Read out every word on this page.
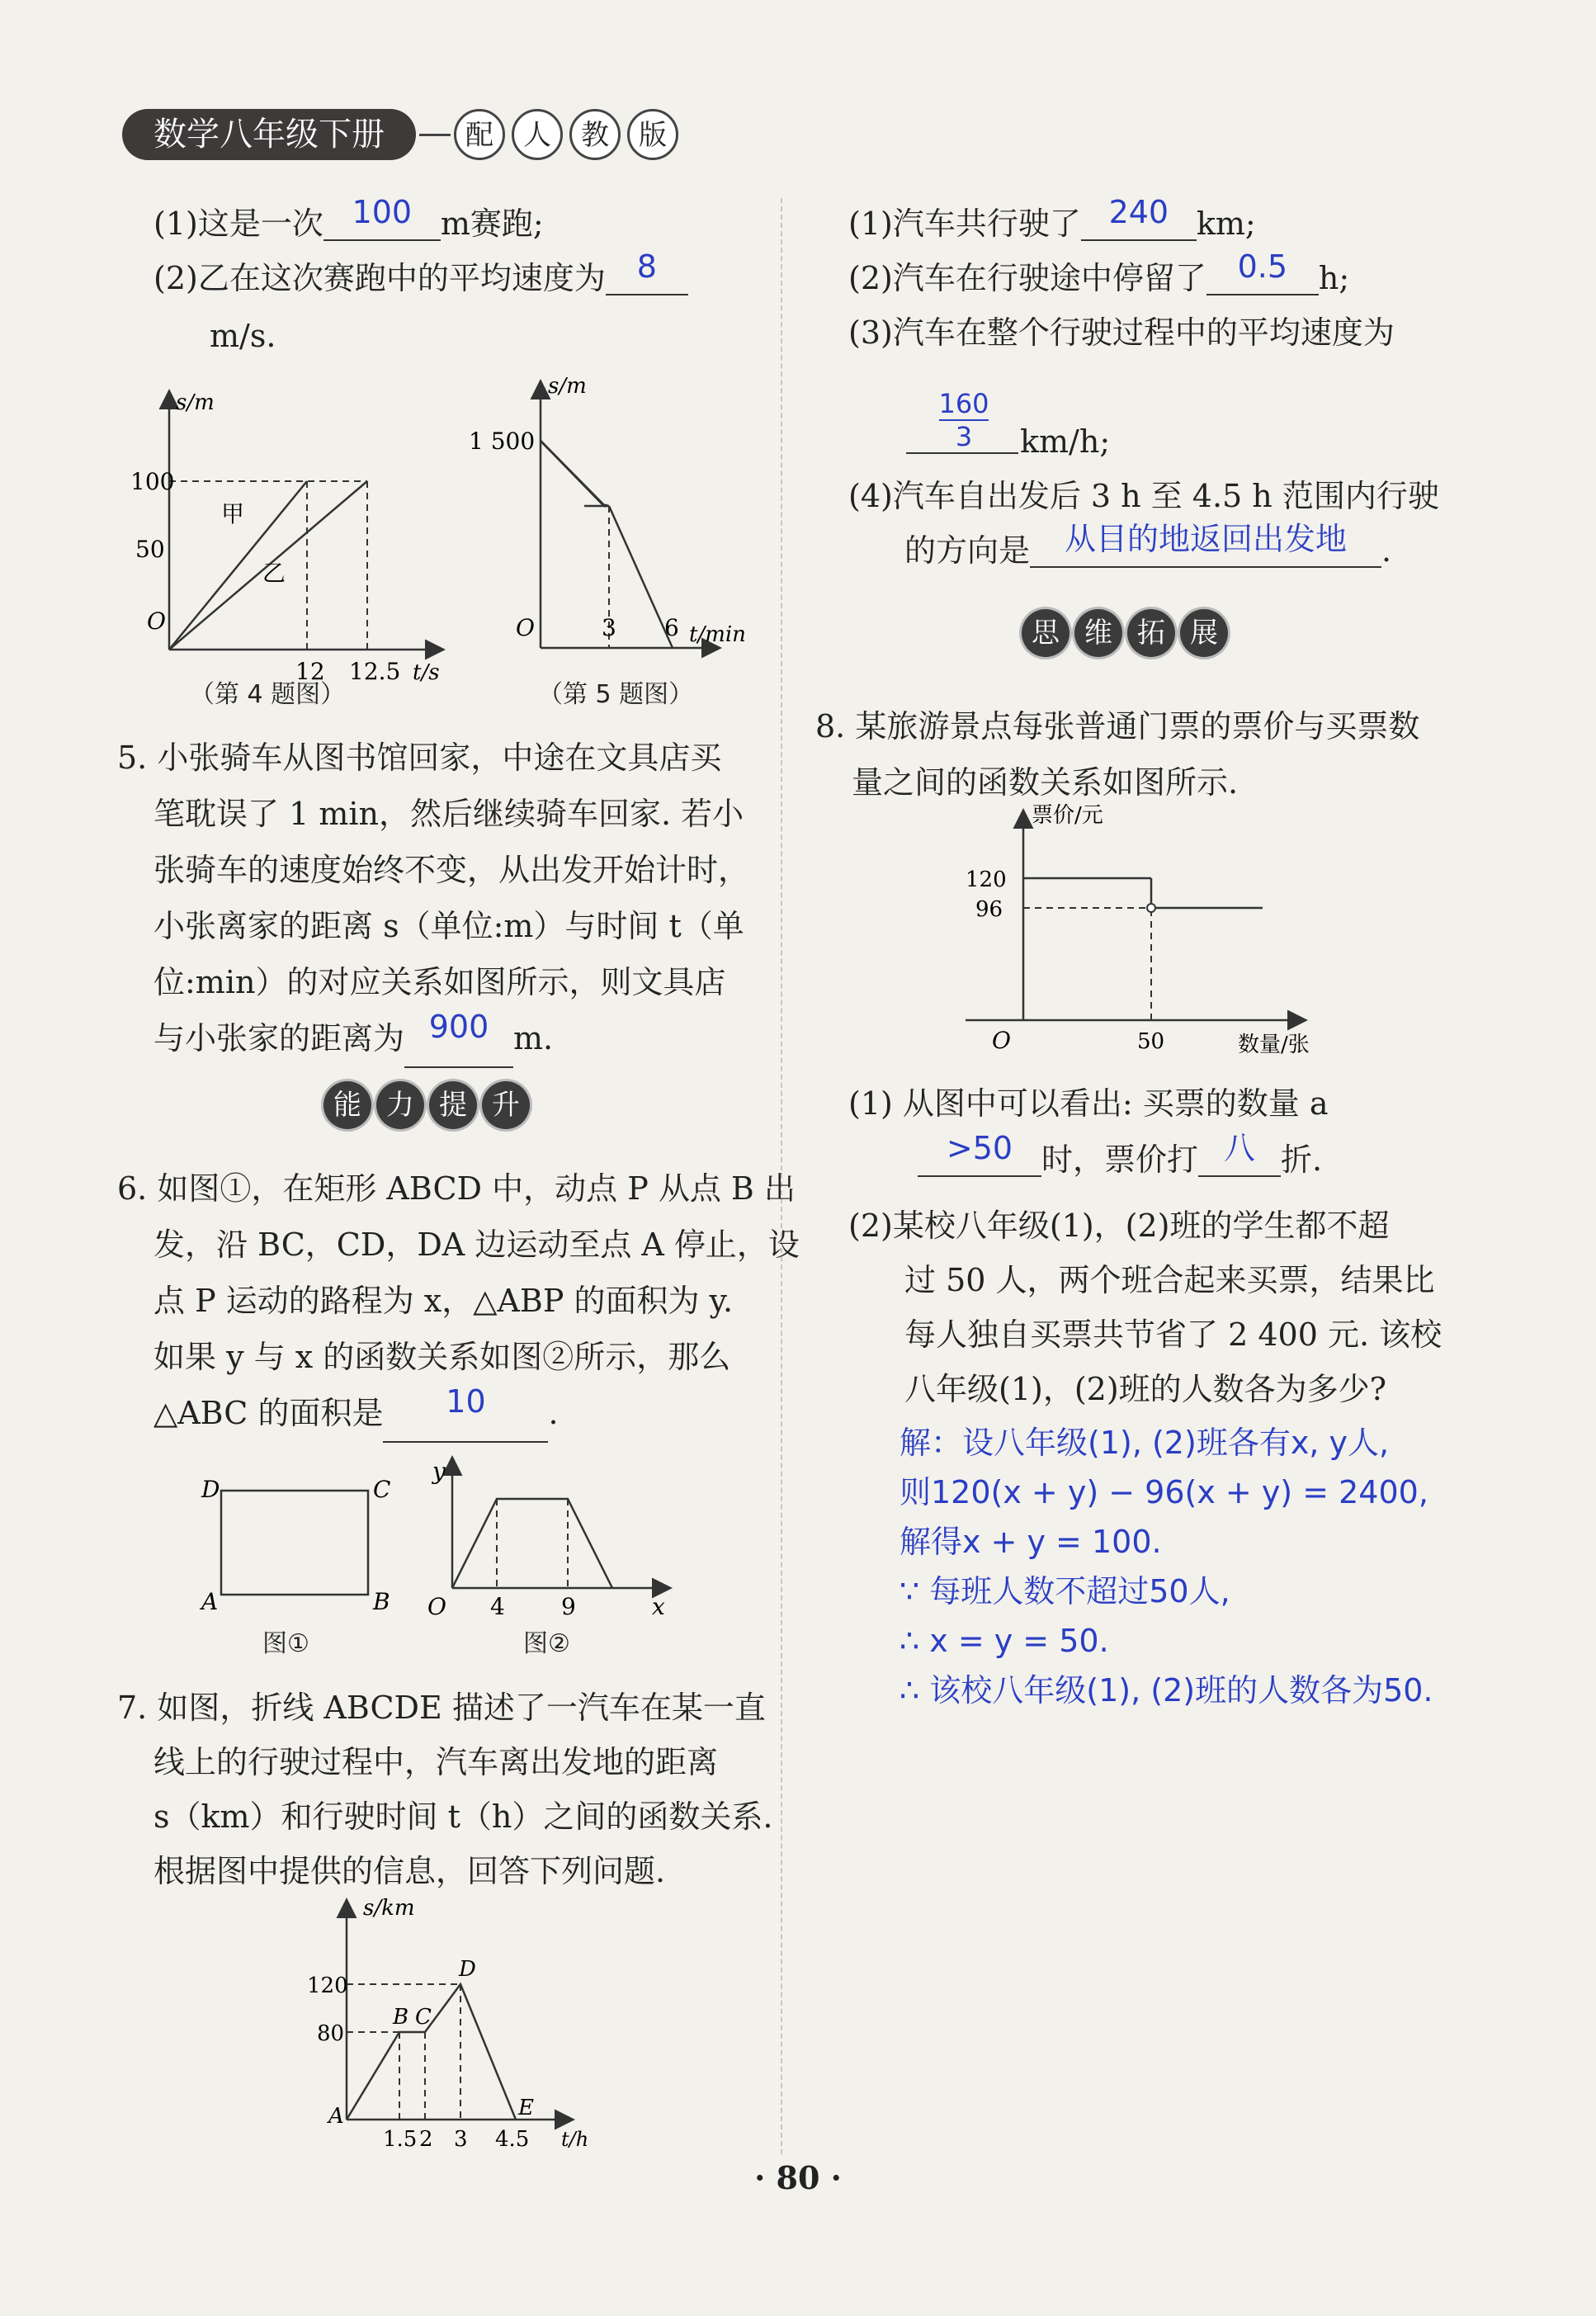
数学八年级下册	配 人 教 版
(1)这是一次 100 m赛跑;
(2)乙在这次赛跑中的平均速度为 8
m/s.
s/m
100
50
O
12 12.5 t/s
甲
乙
（第 4 题图）
s/m
1 500
O	3 6 t/min
（第 5 题图）
5. 小张骑车从图书馆回家，中途在文具店买
笔耽误了 1 min，然后继续骑车回家. 若小
张骑车的速度始终不变，从出发开始计时，
小张离家的距离 s（单位:m）与时间 t（单
位:min）的对应关系如图所示，则文具店
与小张家的距离为 900 m.
能 力 提 升
6. 如图①，在矩形 ABCD 中，动点 P 从点 B 出
发，沿 BC，CD，DA 边运动至点 A 停止，设
点 P 运动的路程为 x，△ABP 的面积为 y.
如果 y 与 x 的函数关系如图②所示，那么
△ABC 的面积是 10 .
D	C
A	B
图①
y
O 4 9	x
图②
7. 如图，折线 ABCDE 描述了一汽车在某一直
线上的行驶过程中，汽车离出发地的距离
s（km）和行驶时间 t（h）之间的函数关系.
根据图中提供的信息，回答下列问题.
s/km
120
80
A
B C
D
E
1.5 2 3 4.5 t/h
(1)汽车共行驶了 240 km;
(2)汽车在行驶途中停留了 0.5 h;
(3)汽车在整个行驶过程中的平均速度为
160
3	km/h;
(4)汽车自出发后 3 h 至 4.5 h 范围内行驶
的方向是 从目的地返回出发地 .
思 维 拓 展
8. 某旅游景点每张普通门票的票价与买票数
量之间的函数关系如图所示.
票价/元
120
96
O	50	数量/张
(1) 从图中可以看出: 买票的数量 a
>50 时，票价打 八 折.
(2)某校八年级(1)，(2)班的学生都不超
过 50 人，两个班合起来买票，结果比
每人独自买票共节省了 2 400 元. 该校
八年级(1)，(2)班的人数各为多少?
解：设八年级(1), (2)班各有x, y人,
则120(x + y) − 96(x + y) = 2400,
解得x + y = 100.
∵ 每班人数不超过50人,
∴ x = y = 50.
∴ 该校八年级(1), (2)班的人数各为50.
· 80 ·
